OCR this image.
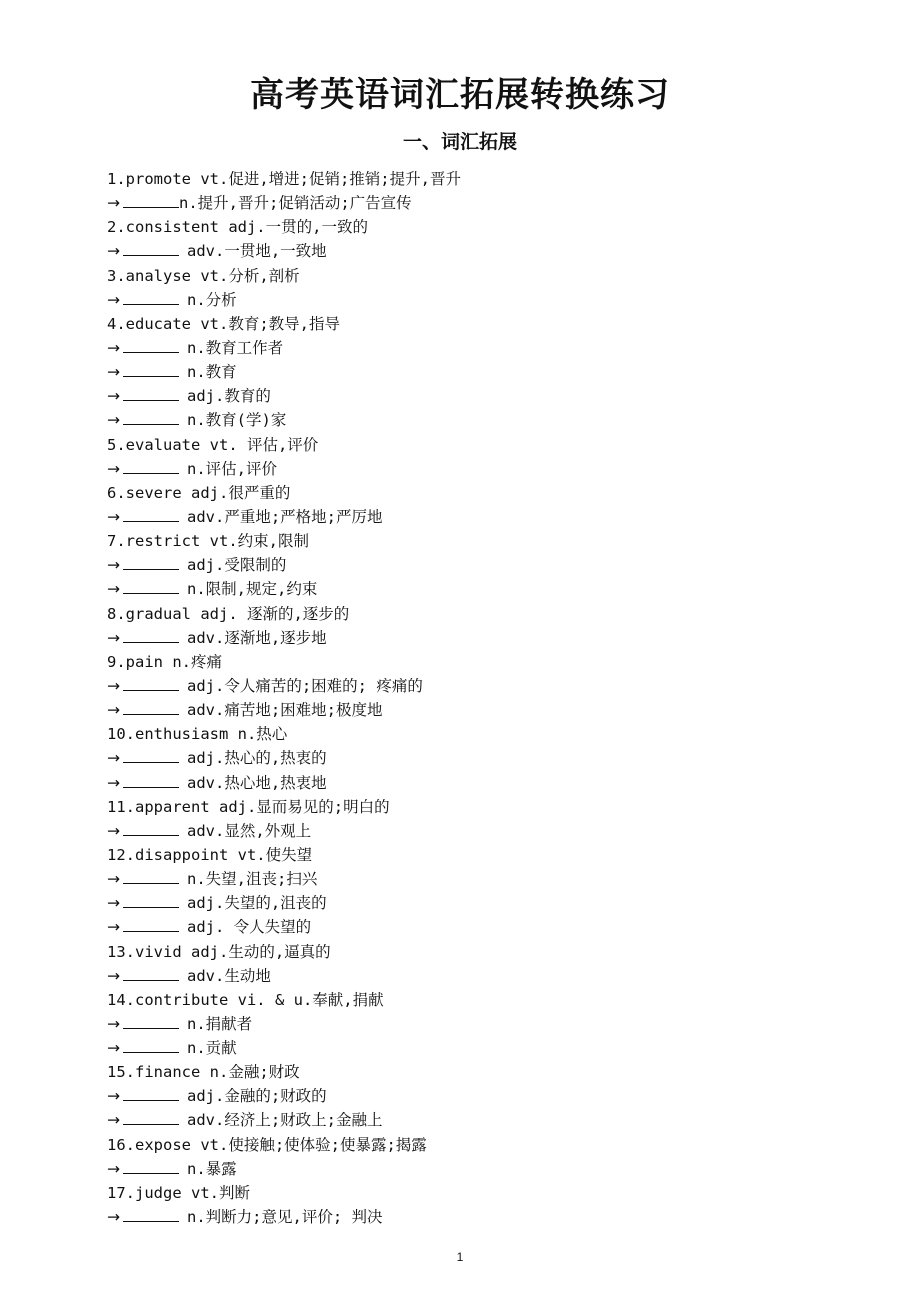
高考英语词汇拓展转换练习
一、词汇拓展
1.promote vt.促进,增进;促销;推销;提升,晋升
→	n.提升,晋升;促销活动;广告宣传
2.consistent adj.一贯的,一致的
→	adv.一贯地,一致地
3.analyse vt.分析,剖析
→	n.分析
4.educate vt.教育;教导,指导
→	n.教育工作者
→	n.教育
→	adj.教育的
→	n.教育(学)家
5.evaluate vt. 评估,评价
→	n.评估,评价
6.severe adj.很严重的
→	adv.严重地;严格地;严厉地
7.restrict vt.约束,限制
→	adj.受限制的
→	n.限制,规定,约束
8.gradual adj. 逐渐的,逐步的
→	adv.逐渐地,逐步地
9.pain n.疼痛
→	adj.令人痛苦的;困难的; 疼痛的
→	adv.痛苦地;困难地;极度地
10.enthusiasm n.热心
→	adj.热心的,热衷的
→	adv.热心地,热衷地
11.apparent adj.显而易见的;明白的
→	adv.显然,外观上
12.disappoint vt.使失望
→	n.失望,沮丧;扫兴
→	adj.失望的,沮丧的
→	adj. 令人失望的
13.vivid adj.生动的,逼真的
→	adv.生动地
14.contribute vi. & u.奉献,捐献
→	n.捐献者
→	n.贡献
15.finance n.金融;财政
→	adj.金融的;财政的
→	adv.经济上;财政上;金融上
16.expose vt.使接触;使体验;使暴露;揭露
→	n.暴露
17.judge vt.判断
→	n.判断力;意见,评价; 判决
1
